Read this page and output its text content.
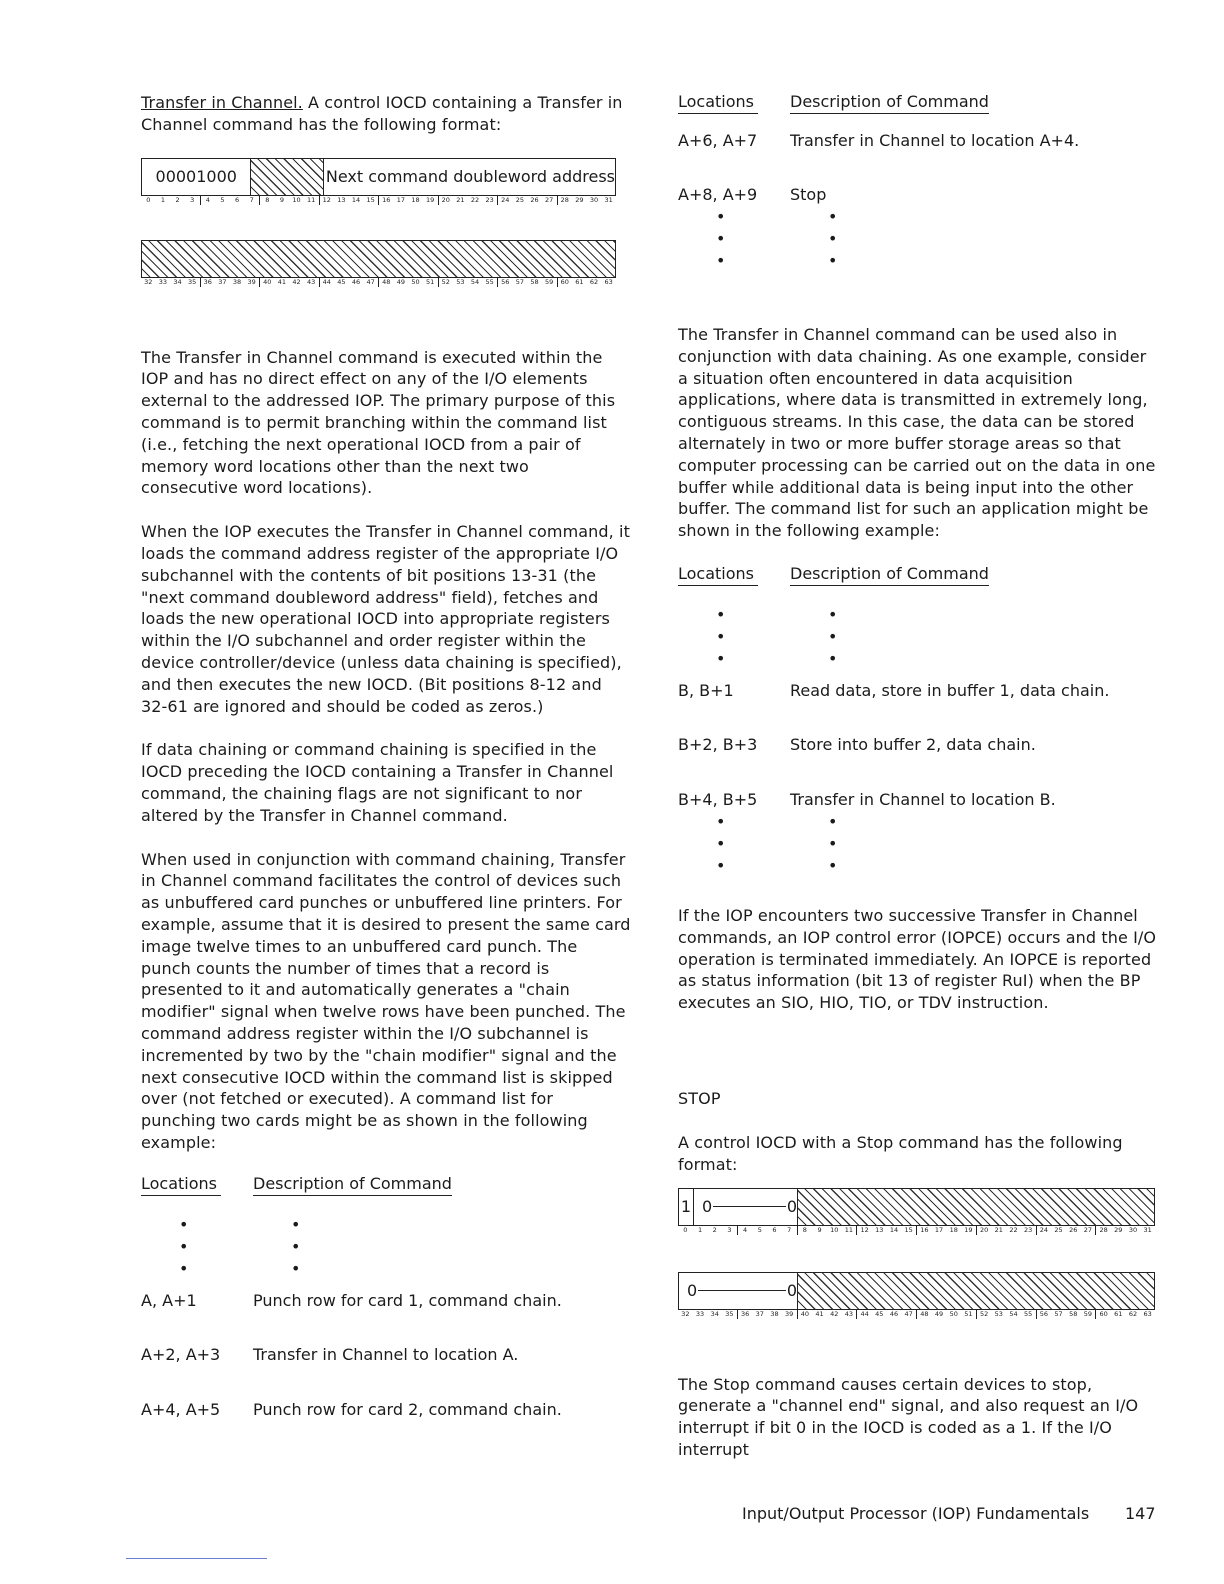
Transfer in Channel. A control IOCD containing a Transfer in Channel command has the following format:

00001000	Next command doubleword address
0	1	2	3	4	5	6	7	8	9	10 11	12 13 14 15	16 17 18 19	20 21 22 23	24 25 26 27	28 29 30 31
32 33 34 35	36 37 38 39	40 41 42 43	44 45 46 47	48 49 50 51	52 53 54 55	56 57 58 59	60 61 62 63

The Transfer in Channel command is executed within the IOP and has no direct effect on any of the I/O elements external to the addressed IOP. The primary purpose of this command is to permit branching within the command list (i.e., fetching the next operational IOCD from a pair of memory word locations other than the next two consecutive word locations).

When the IOP executes the Transfer in Channel command, it loads the command address register of the appropriate I/O subchannel with the contents of bit positions 13-31 (the "next command doubleword address" field), fetches and loads the new operational IOCD into appropriate registers within the I/O subchannel and order register within the device controller/device (unless data chaining is specified), and then executes the new IOCD. (Bit positions 8-12 and 32-61 are ignored and should be coded as zeros.)

If data chaining or command chaining is specified in the IOCD preceding the IOCD containing a Transfer in Channel command, the chaining flags are not significant to nor altered by the Transfer in Channel command.

When used in conjunction with command chaining, Transfer in Channel command facilitates the control of devices such as unbuffered card punches or unbuffered line printers. For example, assume that it is desired to present the same card image twelve times to an unbuffered card punch. The punch counts the number of times that a record is presented to it and automatically generates a "chain modifier" signal when twelve rows have been punched. The command address register within the I/O subchannel is incremented by two by the "chain modifier" signal and the next consecutive IOCD within the command list is skipped over (not fetched or executed). A command list for punching two cards might be as shown in the following example:

Locations Description of Command
•	•
•	•
•	•
A, A+1	Punch row for card 1, command chain.
A+2, A+3	Transfer in Channel to location A.
A+4, A+5	Punch row for card 2, command chain.
Locations Description of Command
A+6, A+7	Transfer in Channel to location A+4.
A+8, A+9	Stop
•	•
•	•
•	•

The Transfer in Channel command can be used also in conjunction with data chaining. As one example, consider a situation often encountered in data acquisition applications, where data is transmitted in extremely long, contiguous streams. In this case, the data can be stored alternately in two or more buffer storage areas so that computer processing can be carried out on the data in one buffer while additional data is being input into the other buffer. The command list for such an application might be shown in the following example:

Locations Description of Command
•	•
•	•
•	•
B, B+1	Read data, store in buffer 1, data chain.
B+2, B+3	Store into buffer 2, data chain.
B+4, B+5	Transfer in Channel to location B.
•	•
•	•
•	•

If the IOP encounters two successive Transfer in Channel commands, an IOP control error (IOPCE) occurs and the I/O operation is terminated immediately. An IOPCE is reported as status information (bit 13 of register RuI) when the BP executes an SIO, HIO, TIO, or TDV instruction.

STOP

A control IOCD with a Stop command has the following format:

1 0	0
0	1	2	3	4	5	6	7	8	9	10 11	12 13 14 15	16 17 18 19	20 21 22 23	24 25 26 27	28 29 30 31
0	0
32 33 34 35	36 37 38 39	40 41 42 43	44 45 46 47	48 49 50 51	52 53 54 55	56 57 58 59	60 61 62 63

The Stop command causes certain devices to stop, generate a "channel end" signal, and also request an I/O interrupt if bit 0 in the IOCD is coded as a 1. If the I/O interrupt

Input/Output Processor (IOP) Fundamentals 147
